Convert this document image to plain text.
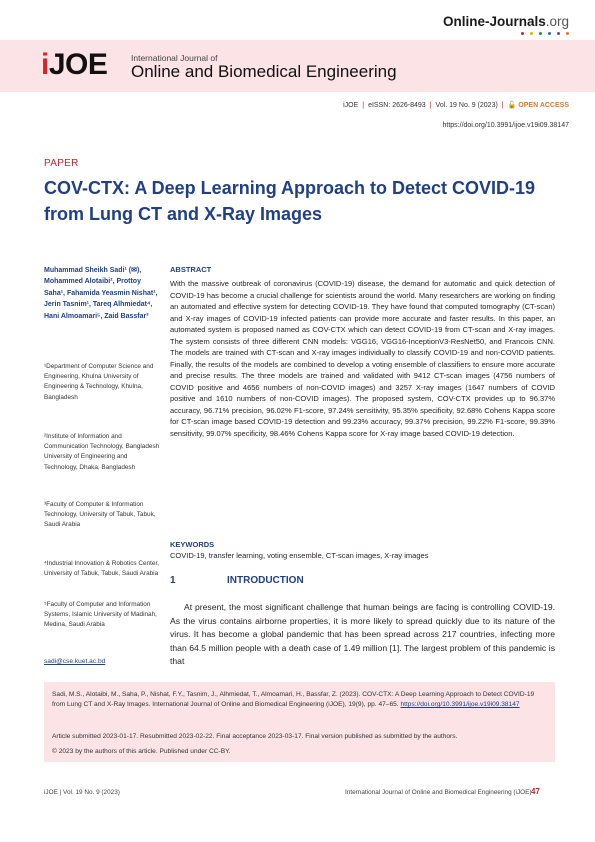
Online-Journals.org
iJOE	International Journal of
Online and Biomedical Engineering
iJOE | eISSN: 2626-8493 | Vol. 19 No. 9 (2023) | 🔓 OPEN ACCESS
https://doi.org/10.3991/ijoe.v19i09.38147
PAPER
COV-CTX: A Deep Learning Approach to Detect COVID-19 from Lung CT and X-Ray Images
Muhammad Sheikh Sadi¹ (✉), Mohammed Alotaibi², Prottoy Saha¹, Fahamida Yeasmin Nishat¹, Jerin Tasnim¹, Tareq Alhmiedat⁴, Hani Almoamari⁵, Zaid Bassfar³
¹Department of Computer Science and Engineering, Khulna University of Engineering & Technology, Khulna, Bangladesh
²Institute of Information and Communication Technology, Bangladesh University of Engineering and Technology, Dhaka, Bangladesh
³Faculty of Computer & Information Technology, University of Tabuk, Tabuk, Saudi Arabia
⁴Industrial Innovation & Robotics Center, University of Tabuk, Tabuk, Saudi Arabia
⁵Faculty of Computer and Information Systems, Islamic University of Madinah, Medina, Saudi Arabia
sadi@cse.kuet.ac.bd
ABSTRACT
With the massive outbreak of coronavirus (COVID-19) disease, the demand for automatic and quick detection of COVID-19 has become a crucial challenge for scientists around the world. Many researchers are working on finding an automated and effective system for detecting COVID-19. They have found that computed tomography (CT-scan) and X-ray images of COVID-19 infected patients can provide more accurate and faster results. In this paper, an automated system is proposed named as COV-CTX which can detect COVID-19 from CT-scan and X-ray images. The system consists of three different CNN models: VGG16, VGG16-InceptionV3-ResNet50, and Francois CNN. The models are trained with CT-scan and X-ray images individually to classify COVID-19 and non-COVID patients. Finally, the results of the models are combined to develop a voting ensemble of classifiers to ensure more accurate and precise results. The three models are trained and validated with 9412 CT-scan images (4756 numbers of COVID positive and 4656 numbers of non-COVID images) and 3257 X-ray images (1647 numbers of COVID positive and 1610 numbers of non-COVID images). The proposed system, COV-CTX provides up to 96.37% accuracy, 96.71% precision, 96.02% F1-score, 97.24% sensitivity, 95.35% specificity, 92.68% Cohens Kappa score for CT-scan image based COVID-19 detection and 99.23% accuracy, 99.37% precision, 99.22% F1-score, 99.39% sensitivity, 99.07% specificity, 98.46% Cohens Kappa score for X-ray image based COVID-19 detection.
KEYWORDS
COVID-19, transfer learning, voting ensemble, CT-scan images, X-ray images
1	INTRODUCTION
At present, the most significant challenge that human beings are facing is controlling COVID-19. As the virus contains airborne properties, it is more likely to spread quickly due to its nature of the virus. It has become a global pandemic that has been spread across 217 countries, infecting more than 64.5 million people with a death case of 1.49 million [1]. The largest problem of this pandemic is that
Sadi, M.S., Alotaibi, M., Saha, P., Nishat, F.Y., Tasnim, J., Alhmiedat, T., Almoamari, H., Bassfar, Z. (2023). COV-CTX: A Deep Learning Approach to Detect COVID-19 from Lung CT and X-Ray Images. International Journal of Online and Biomedical Engineering (iJOE), 19(9), pp. 47–65. https://doi.org/10.3991/ijoe.v19i09.38147
Article submitted 2023-01-17. Resubmitted 2023-02-22. Final acceptance 2023-03-17. Final version published as submitted by the authors.
© 2023 by the authors of this article. Published under CC-BY.
iJOE | Vol. 19 No. 9 (2023)	International Journal of Online and Biomedical Engineering (iJOE) 47
